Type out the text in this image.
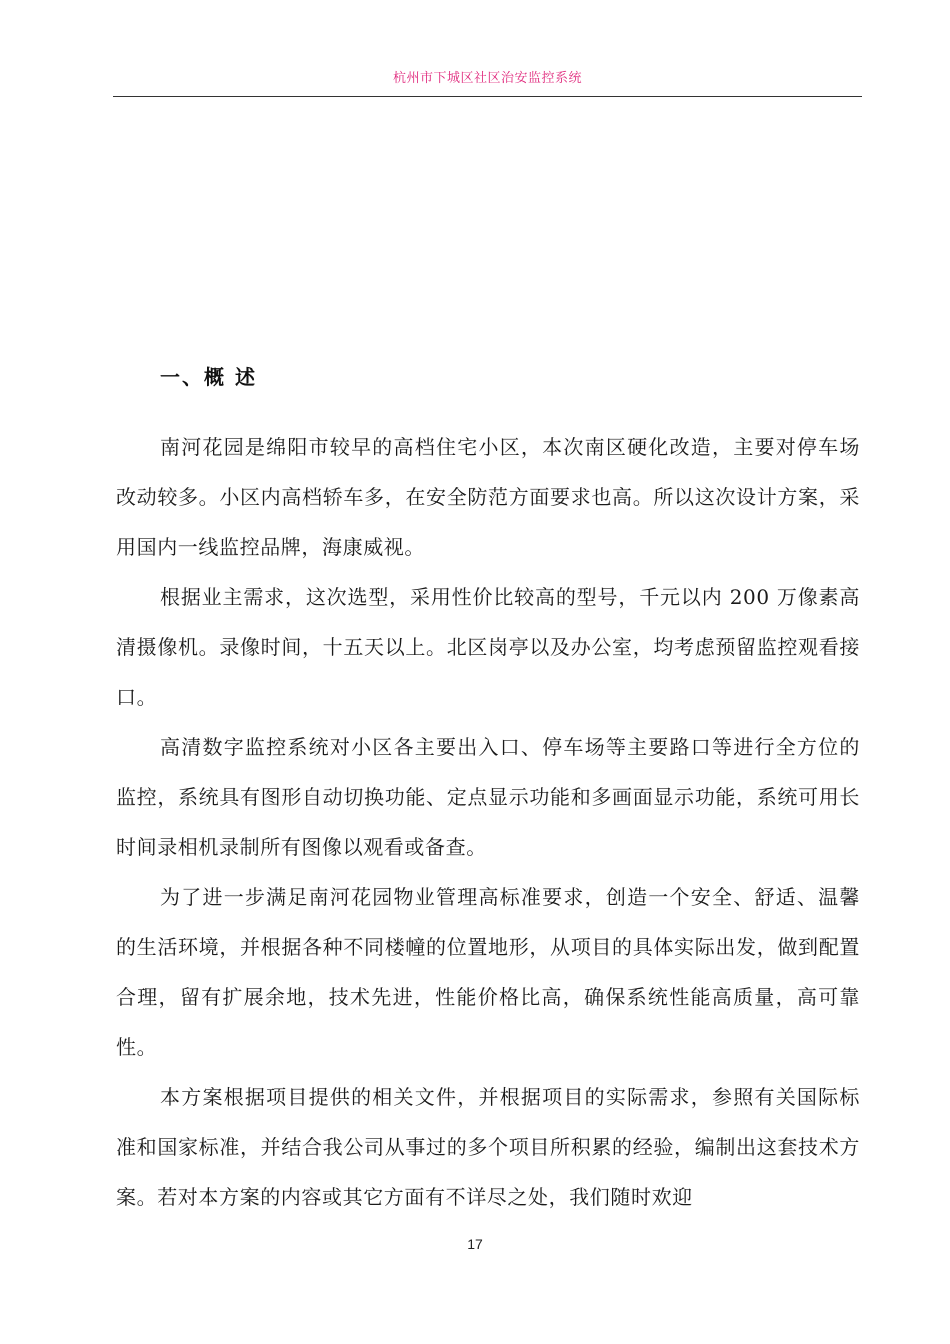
杭州市下城区社区治安监控系统
一、概 述

南河花园是绵阳市较早的高档住宅小区，本次南区硬化改造，主要对停车场改动较多。小区内高档轿车多，在安全防范方面要求也高。所以这次设计方案，采用国内一线监控品牌，海康威视。

根据业主需求，这次选型，采用性价比较高的型号，千元以内 200 万像素高清摄像机。录像时间，十五天以上。北区岗亭以及办公室，均考虑预留监控观看接口。

高清数字监控系统对小区各主要出入口、停车场等主要路口等进行全方位的监控，系统具有图形自动切换功能、定点显示功能和多画面显示功能，系统可用长时间录相机录制所有图像以观看或备查。

为了进一步满足南河花园物业管理高标准要求，创造一个安全、舒适、温馨的生活环境，并根据各种不同楼幢的位置地形，从项目的具体实际出发，做到配置合理，留有扩展余地，技术先进，性能价格比高，确保系统性能高质量，高可靠性。

本方案根据项目提供的相关文件，并根据项目的实际需求，参照有关国际标准和国家标准，并结合我公司从事过的多个项目所积累的经验，编制出这套技术方案。若对本方案的内容或其它方面有不详尽之处，我们随时欢迎

17
